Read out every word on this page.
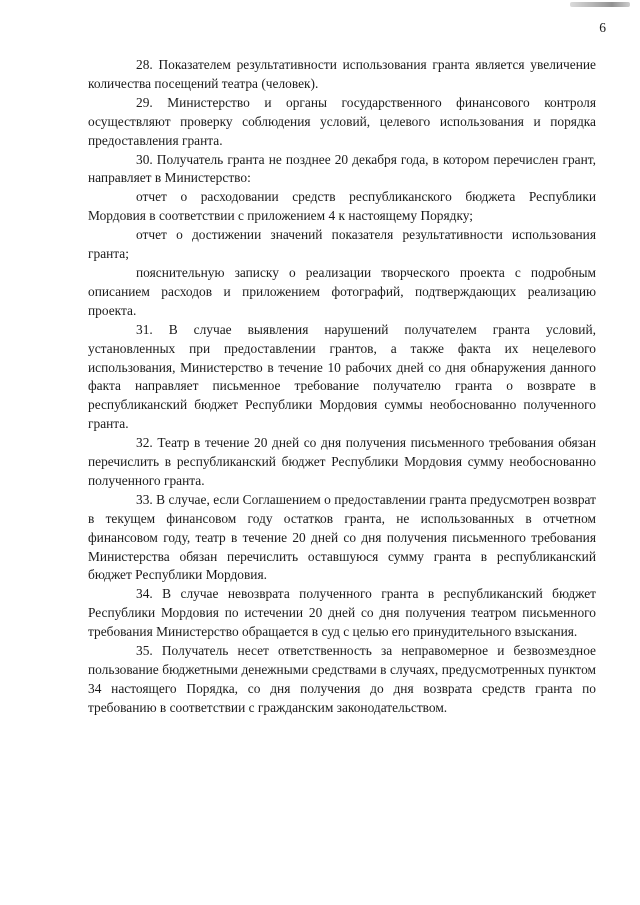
6

28. Показателем результативности использования гранта является увеличение количества посещений театра (человек).

29. Министерство и органы государственного финансового контроля осуществляют проверку соблюдения условий, целевого использования и порядка предоставления гранта.

30. Получатель гранта не позднее 20 декабря года, в котором перечислен грант, направляет в Министерство:

отчет о расходовании средств республиканского бюджета Республики Мордовия в соответствии с приложением 4 к настоящему Порядку;

отчет о достижении значений показателя результативности использования гранта;

пояснительную записку о реализации творческого проекта с подробным описанием расходов и приложением фотографий, подтверждающих реализацию проекта.

31. В случае выявления нарушений получателем гранта условий, установленных при предоставлении грантов, а также факта их нецелевого использования, Министерство в течение 10 рабочих дней со дня обнаружения данного факта направляет письменное требование получателю гранта о возврате в республиканский бюджет Республики Мордовия суммы необоснованно полученного гранта.

32. Театр в течение 20 дней со дня получения письменного требования обязан перечислить в республиканский бюджет Республики Мордовия сумму необоснованно полученного гранта.

33. В случае, если Соглашением о предоставлении гранта предусмотрен возврат в текущем финансовом году остатков гранта, не использованных в отчетном финансовом году, театр в течение 20 дней со дня получения письменного требования Министерства обязан перечислить оставшуюся сумму гранта в республиканский бюджет Республики Мордовия.

34. В случае невозврата полученного гранта в республиканский бюджет Республики Мордовия по истечении 20 дней со дня получения театром письменного требования Министерство обращается в суд с целью его принудительного взыскания.

35. Получатель несет ответственность за неправомерное и безвозмездное пользование бюджетными денежными средствами в случаях, предусмотренных пунктом 34 настоящего Порядка, со дня получения до дня возврата средств гранта по требованию в соответствии с гражданским законодательством.
